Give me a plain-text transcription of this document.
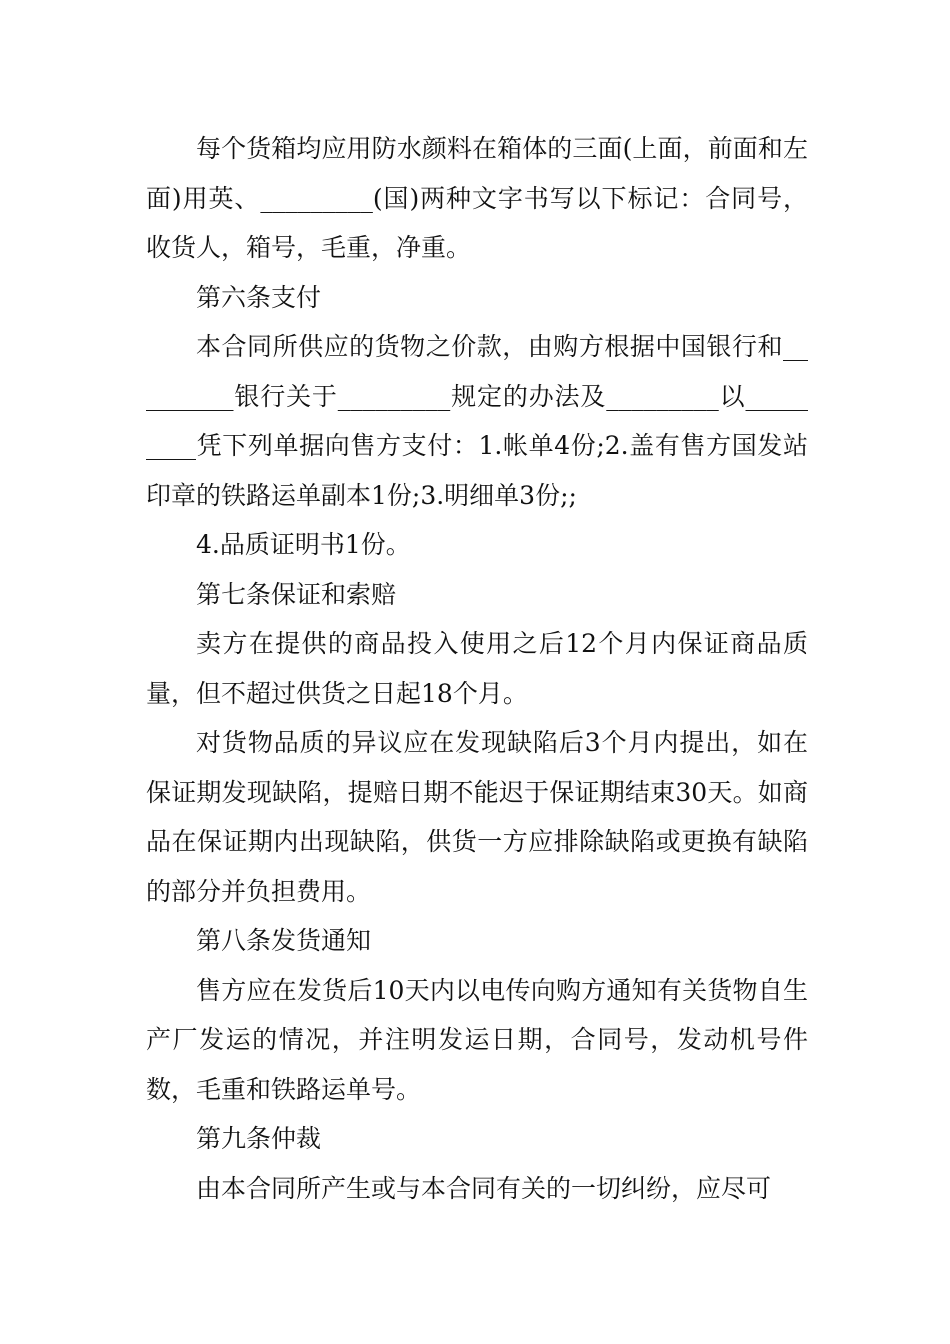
每个货箱均应用防水颜料在箱体的三面(上面，前面和左面)用英、_________(国)两种文字书写以下标记：合同号，收货人，箱号，毛重，净重。

第六条支付

本合同所供应的货物之价款，由购方根据中国银行和_________银行关于_________规定的办法及_________以_________凭下列单据向售方支付：1.帐单4份;2.盖有售方国发站印章的铁路运单副本1份;3.明细单3份;;

4.品质证明书1份。

第七条保证和索赔

卖方在提供的商品投入使用之后12个月内保证商品质量，但不超过供货之日起18个月。

对货物品质的异议应在发现缺陷后3个月内提出，如在保证期发现缺陷，提赔日期不能迟于保证期结束30天。如商品在保证期内出现缺陷，供货一方应排除缺陷或更换有缺陷的部分并负担费用。

第八条发货通知

售方应在发货后10天内以电传向购方通知有关货物自生产厂发运的情况，并注明发运日期，合同号，发动机号件数，毛重和铁路运单号。

第九条仲裁

由本合同所产生或与本合同有关的一切纠纷，应尽可
